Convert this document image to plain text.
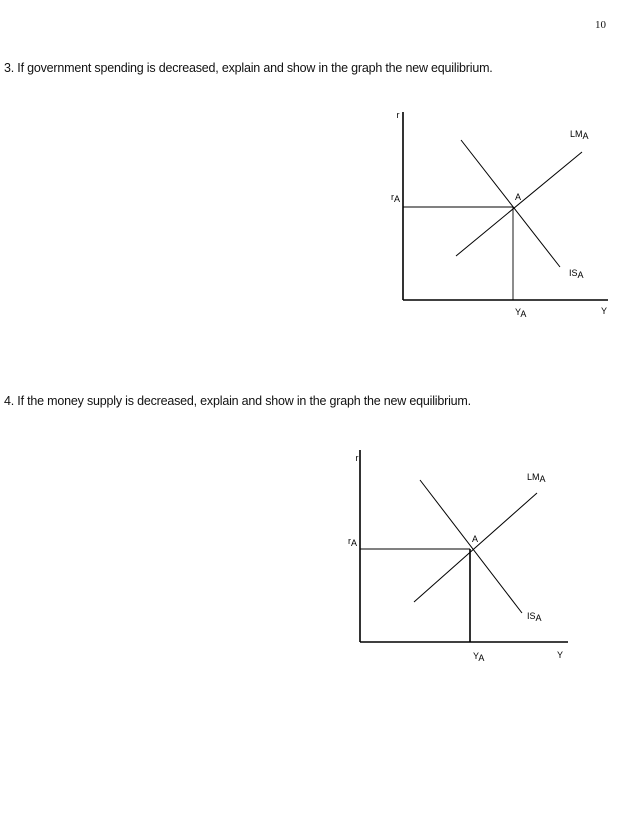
10
3. If government spending is decreased, explain and show in the graph the new equilibrium.
r
Y
LMA
ISA
A
rA
YA
4. If the money supply is decreased, explain and show in the graph the new equilibrium.
r
Y
LMA
ISA
A
rA
YA
